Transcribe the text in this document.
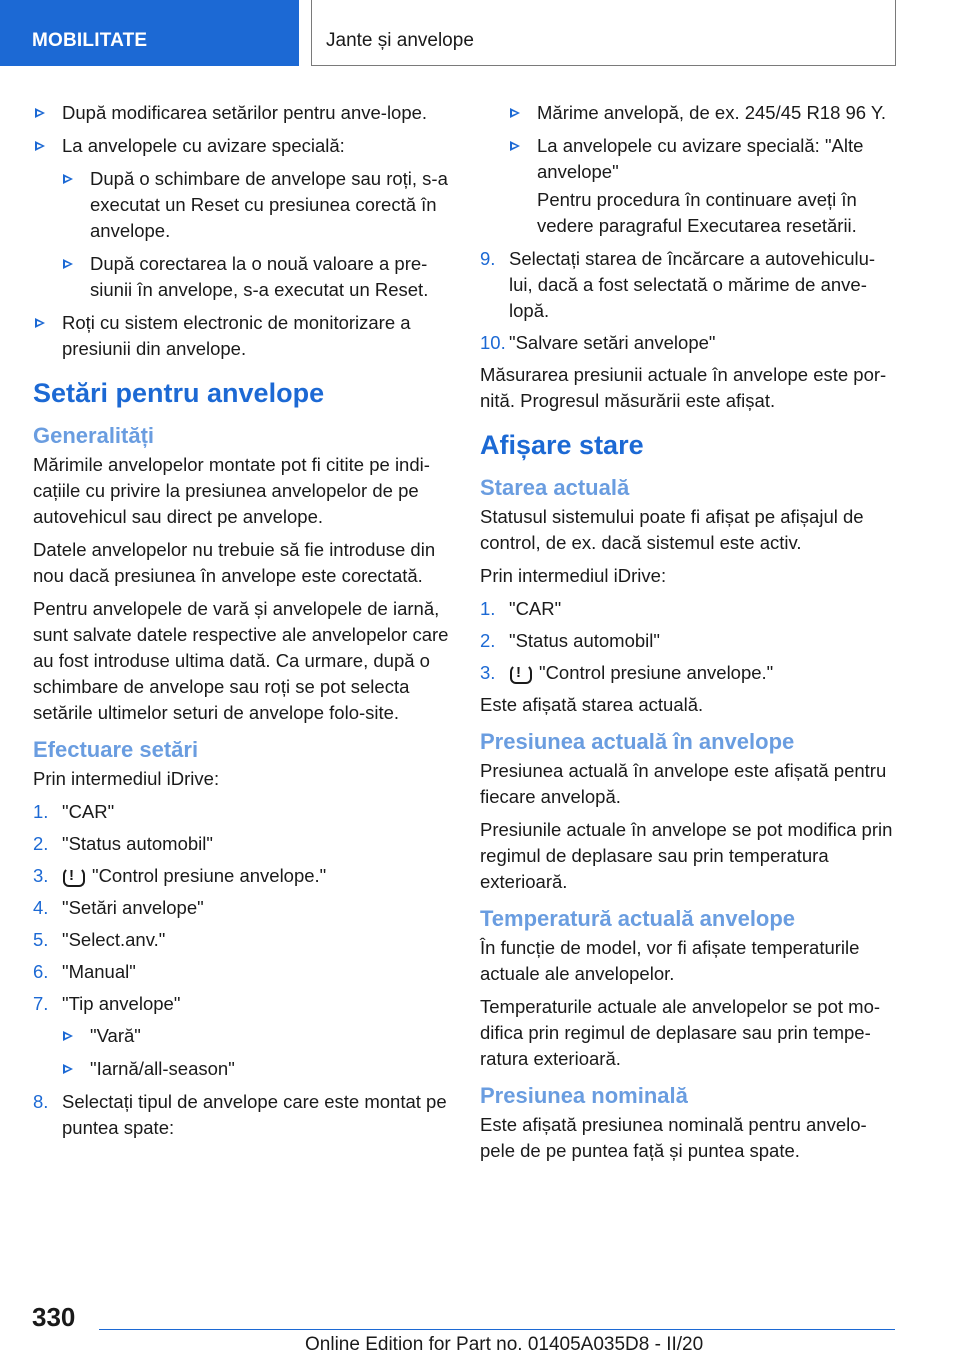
MOBILITATE	Jante și anvelope
După modificarea setărilor pentru anve-lope.
La anvelopele cu avizare specială:
După o schimbare de anvelope sau roți, s-a executat un Reset cu presiunea corectă în anvelope.
După corectarea la o nouă valoare a pre-siunii în anvelope, s-a executat un Reset.
Roți cu sistem electronic de monitorizare a presiunii din anvelope.
Setări pentru anvelope
Generalități

Mărimile anvelopelor montate pot fi citite pe indi-cațiile cu privire la presiunea anvelopelor de pe autovehicul sau direct pe anvelope.

Datele anvelopelor nu trebuie să fie introduse din nou dacă presiunea în anvelope este corectată.

Pentru anvelopele de vară și anvelopele de iarnă, sunt salvate datele respective ale anvelopelor care au fost introduse ultima dată. Ca urmare, după o schimbare de anvelope sau roți se pot selecta setările ultimelor seturi de anvelope folo-site.

Efectuare setări

Prin intermediul iDrive:

1. "CAR"
2. "Status automobil"
3. ! "Control presiune anvelope."
4. "Setări anvelope"
5. "Select.anv."
6. "Manual"
7. "Tip anvelope"
"Vară"
"Iarnă/all-season"
8. Selectați tipul de anvelope care este montat pe puntea spate:
Mărime anvelopă, de ex. 245/45 R18 96 Y.
La anvelopele cu avizare specială: "Alte anvelope"
Pentru procedura în continuare aveți în vedere paragraful Executarea resetării.
9. Selectați starea de încărcare a autovehiculu-lui, dacă a fost selectată o mărime de anve-lopă.
10. "Salvare setări anvelope"

Măsurarea presiunii actuale în anvelope este por-nită. Progresul măsurării este afișat.

Afișare stare
Starea actuală

Statusul sistemului poate fi afișat pe afișajul de control, de ex. dacă sistemul este activ.

Prin intermediul iDrive:

1. "CAR"
2. "Status automobil"
3. ! "Control presiune anvelope."

Este afișată starea actuală.

Presiunea actuală în anvelope

Presiunea actuală în anvelope este afișată pentru fiecare anvelopă.

Presiunile actuale în anvelope se pot modifica prin regimul de deplasare sau prin temperatura exterioară.

Temperatură actuală anvelope

În funcție de model, vor fi afișate temperaturile actuale ale anvelopelor.

Temperaturile actuale ale anvelopelor se pot mo-difica prin regimul de deplasare sau prin tempe-ratura exterioară.

Presiunea nominală

Este afișată presiunea nominală pentru anvelo-pele de pe puntea față și puntea spate.

330
Online Edition for Part no. 01405A035D8 - II/20
